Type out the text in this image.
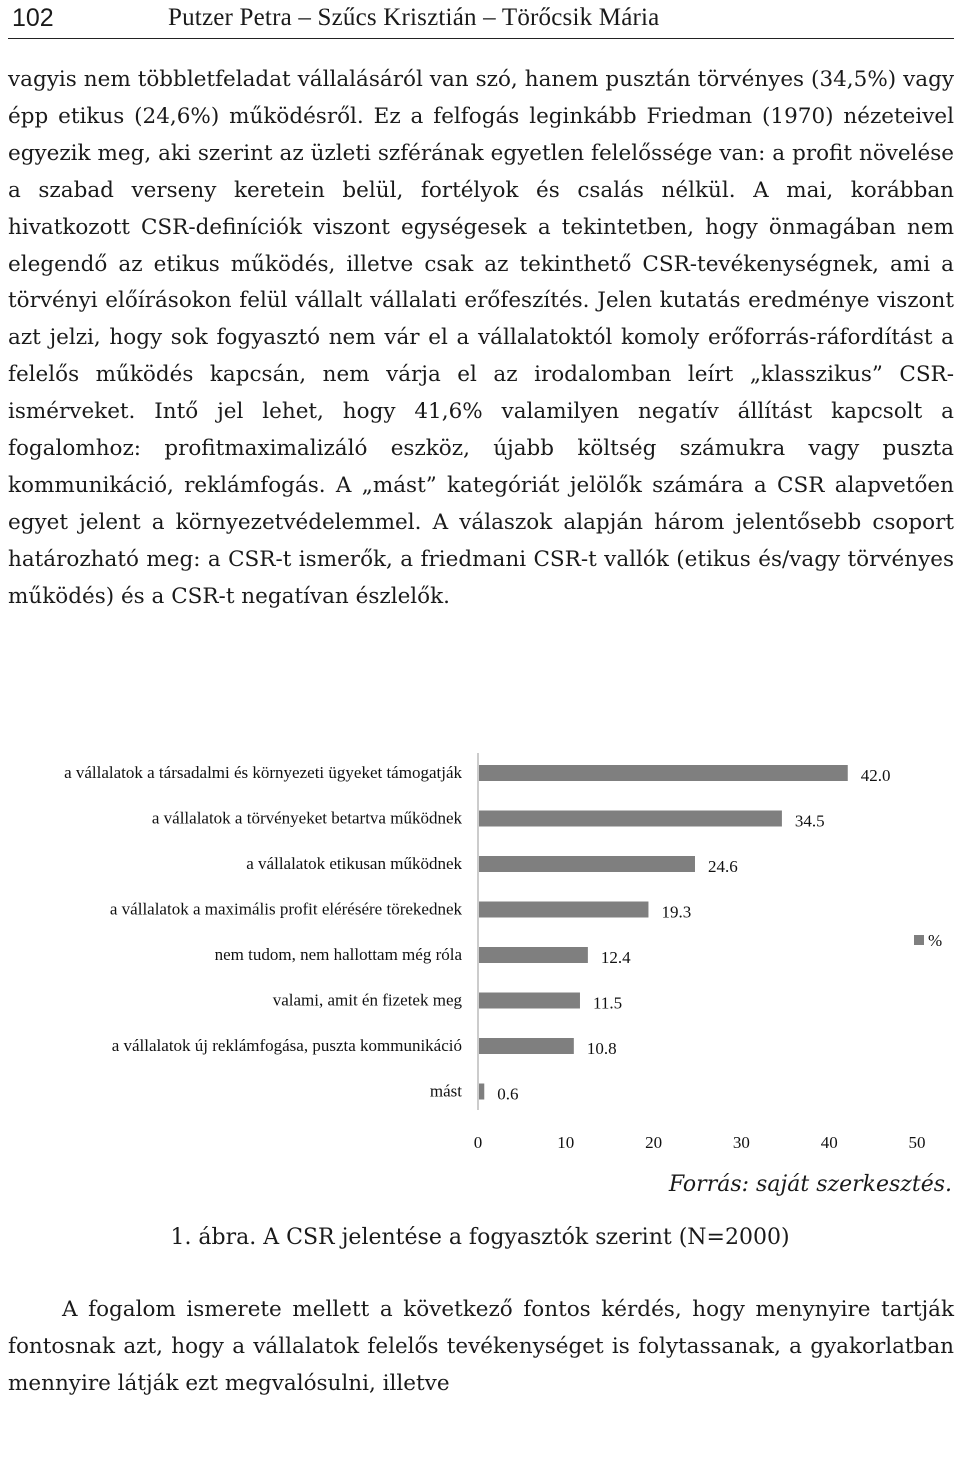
102	Putzer Petra – Szűcs Krisztián – Törőcsik Mária

vagyis nem többletfeladat vállalásáról van szó, hanem pusztán törvényes (34,5%) vagy épp etikus (24,6%) működésről. Ez a felfogás leginkább Friedman (1970) nézeteivel egyezik meg, aki szerint az üzleti szférának egyetlen felelőssége van: a profit növelése a szabad verseny keretein belül, fortélyok és csalás nélkül. A mai, korábban hivatkozott CSR-definíciók viszont egységesek a tekintetben, hogy önmagában nem elegendő az etikus működés, illetve csak az tekinthető CSR-tevékenységnek, ami a törvényi előírásokon felül vállalt vállalati erőfeszítés. Jelen kutatás eredménye viszont azt jelzi, hogy sok fogyasztó nem vár el a vállalatoktól komoly erőforrás-ráfordítást a felelős működés kapcsán, nem várja el az irodalomban leírt „klasszikus” CSR-ismérveket. Intő jel lehet, hogy 41,6% valamilyen negatív állítást kapcsolt a fogalomhoz: profitmaximalizáló eszköz, újabb költség számukra vagy puszta kommunikáció, reklámfogás. A „mást” kategóriát jelölők számára a CSR alapvetően egyet jelent a környezetvédelemmel. A válaszok alapján három jelentősebb csoport határozható meg: a CSR-t ismerők, a friedmani CSR-t vallók (etikus és/vagy törvényes működés) és a CSR-t negatívan észlelők.

a vállalatok a társadalmi és környezeti ügyeket támogatják	42.0
a vállalatok a törvényeket betartva működnek	34.5
a vállalatok etikusan működnek	24.6
a vállalatok a maximális profit elérésére törekednek	19.3
nem tudom, nem hallottam még róla	12.4
valami, amit én fizetek meg	11.5
a vállalatok új reklámfogása, puszta kommunikáció	10.8
mást 0.6
0	10	20	30	40	50
%
Forrás: saját szerkesztés.
1. ábra. A CSR jelentése a fogyasztók szerint (N=2000)

A fogalom ismerete mellett a következő fontos kérdés, hogy menynyire tartják fontosnak azt, hogy a vállalatok felelős tevékenységet is folytassanak, a gyakorlatban mennyire látják ezt megvalósulni, illetve
